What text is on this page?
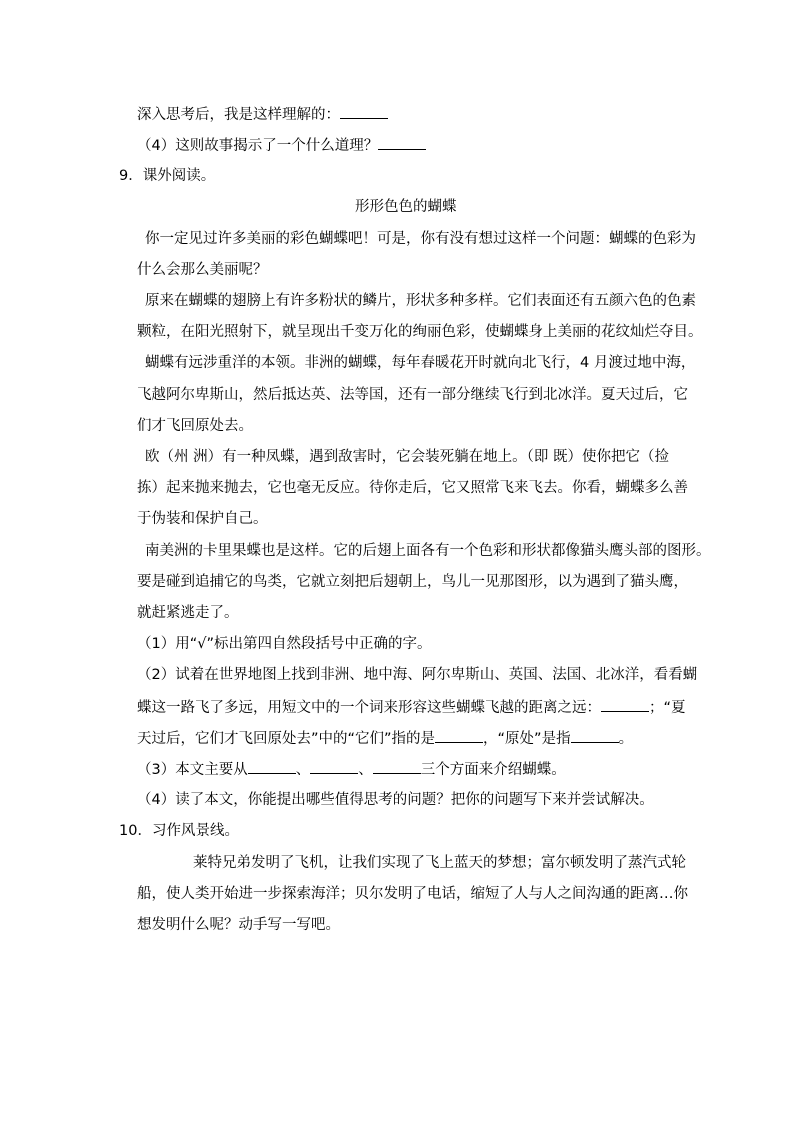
深入思考后，我是这样理解的：
（4）这则故事揭示了一个什么道理？
9．课外阅读。
形形色色的蝴蝶
你一定见过许多美丽的彩色蝴蝶吧！可是，你有没有想过这样一个问题：蝴蝶的色彩为
什么会那么美丽呢？
原来在蝴蝶的翅膀上有许多粉状的鳞片，形状多种多样。它们表面还有五颜六色的色素
颗粒，在阳光照射下，就呈现出千变万化的绚丽色彩，使蝴蝶身上美丽的花纹灿烂夺目。
蝴蝶有远涉重洋的本领。非洲的蝴蝶，每年春暖花开时就向北飞行，4 月渡过地中海，
飞越阿尔卑斯山，然后抵达英、法等国，还有一部分继续飞行到北冰洋。夏天过后，它
们才飞回原处去。
欧（州 洲）有一种凤蝶，遇到敌害时，它会装死躺在地上。（即 既）使你把它（捡
拣）起来抛来抛去，它也毫无反应。待你走后，它又照常飞来飞去。你看，蝴蝶多么善
于伪装和保护自己。
南美洲的卡里果蝶也是这样。它的后翅上面各有一个色彩和形状都像猫头鹰头部的图形。
要是碰到追捕它的鸟类，它就立刻把后翅朝上，鸟儿一见那图形，以为遇到了猫头鹰，
就赶紧逃走了。
（1）用“√”标出第四自然段括号中正确的字。
（2）试着在世界地图上找到非洲、地中海、阿尔卑斯山、英国、法国、北冰洋，看看蝴
蝶这一路飞了多远，用短文中的一个词来形容这些蝴蝶飞越的距离之远：	；“夏
天过后，它们才飞回原处去”中的“它们”指的是	，“原处”是指	。
（3）本文主要从	、	、	三个方面来介绍蝴蝶。
（4）读了本文，你能提出哪些值得思考的问题？把你的问题写下来并尝试解决。
10．习作风景线。
莱特兄弟发明了飞机，让我们实现了飞上蓝天的梦想；富尔顿发明了蒸汽式轮
船，使人类开始进一步探索海洋；贝尔发明了电话，缩短了人与人之间沟通的距离…你
想发明什么呢？动手写一写吧。
